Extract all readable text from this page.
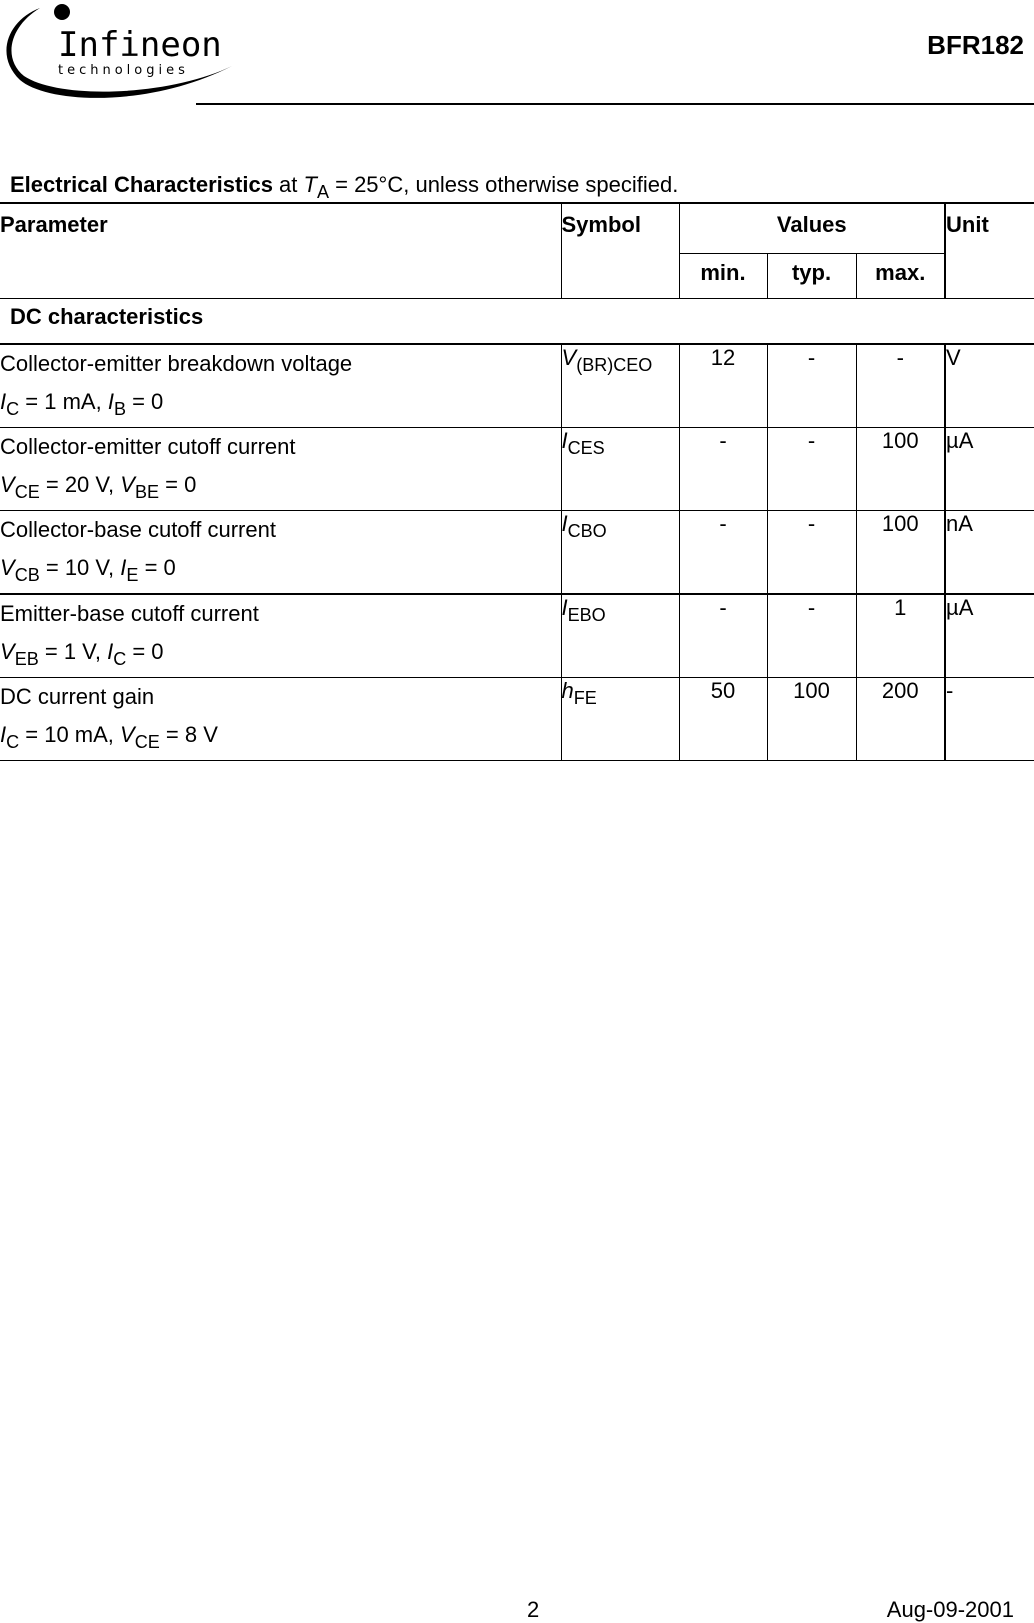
Infineon
technologies
BFR182
Electrical Characteristics at $T_A = 25^\circ C$, unless otherwise specified.
Parameter	Symbol	Values			Unit
		min.	typ.	max.	
DC characteristics					

Collector-emitter breakdown voltage
$I_C = 1$ mA, $I_B = 0$	$V_{(BR)CEO}$	12	-	-	V

Collector-emitter cutoff current
$V_{CE} = 20$ V, $V_{BE} = 0$	$I_{CES}$	-	-	100	µA

Collector-base cutoff current
$V_{CB} = 10$ V, $I_E = 0$	$I_{CBO}$	-	-	100	nA

Emitter-base cutoff current
$V_{EB} = 1$ V, $I_C = 0$	$I_{EBO}$	-	-	1	µA

DC current gain
$I_C = 10$ mA, $V_{CE} = 8$ V	$h_{FE}$	50	100	200	-
2	Aug-09-2001
